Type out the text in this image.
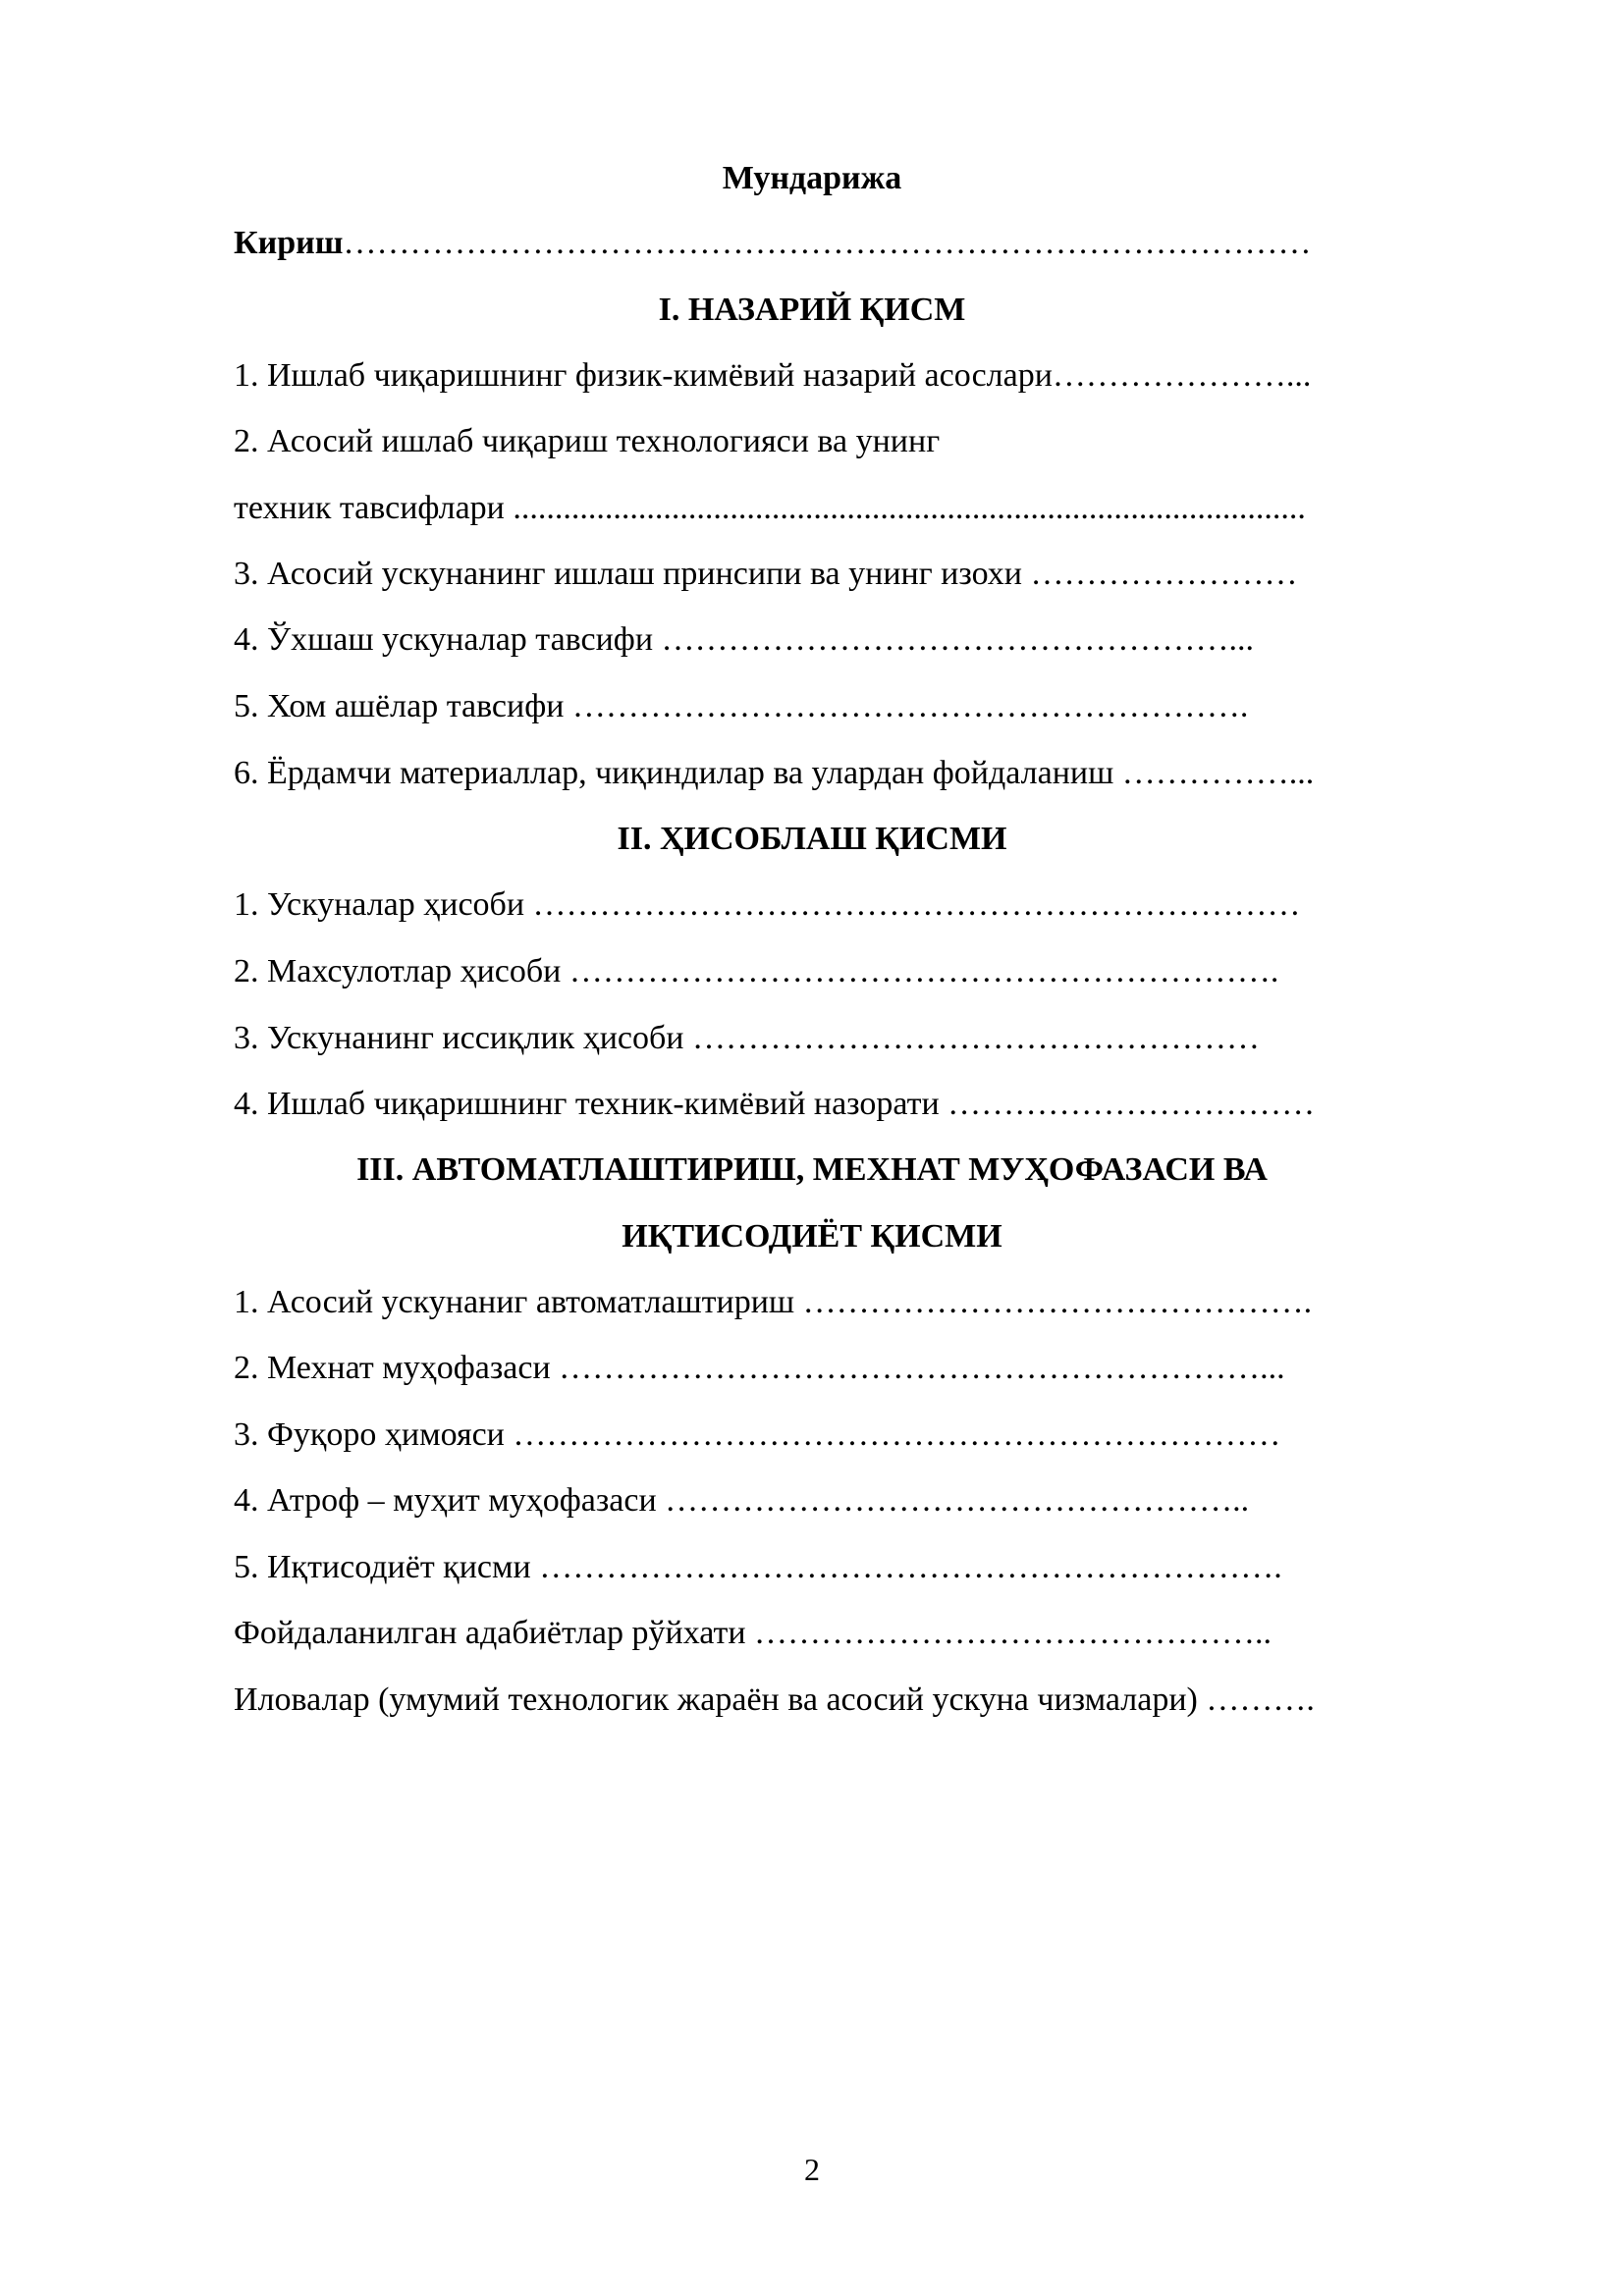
Мундарижа
Кириш……………………………………………………………………………
I. НАЗАРИЙ ҚИСМ
1. Ишлаб чиқаришнинг физик-кимёвий назарий асослари…………………...
2. Асосий ишлаб чиқариш технологияси ва унинг
техник тавсифлари ...............................................................................................
3. Асосий ускунанинг ишлаш принсипи ва унинг изохи ……………………
4. Ўхшаш ускуналар тавсифи ……………………………………………...
5. Хом ашёлар тавсифи …………………………………………………….
6. Ёрдамчи материаллар, чиқиндилар ва улардан фойдаланиш ……………...
II. ҲИСОБЛАШ ҚИСМИ
1. Ускуналар ҳисоби ……………………………………………………………
2. Махсулотлар ҳисоби ……………………………………………………….
3. Ускунанинг иссиқлик ҳисоби ……………………………………………
4. Ишлаб чиқаришнинг техник-кимёвий назорати ……………………………
III. АВТОМАТЛАШТИРИШ, МЕХНАТ МУҲОФАЗАСИ ВА
ИҚТИСОДИЁТ ҚИСМИ
1. Асосий ускунаниг автоматлаштириш ……………………………………….
2. Мехнат муҳофазаси ………………………………………………………...
3. Фуқоро ҳимояси ……………………………………………………………
4. Атроф – муҳит муҳофазаси ……………………………………………..
5. Иқтисодиёт қисми ………………………………………………………….
Фойдаланилган адабиётлар рўйхати ………………………………………..
Иловалар (умумий технологик жараён ва асосий ускуна чизмалари) ……….
2
